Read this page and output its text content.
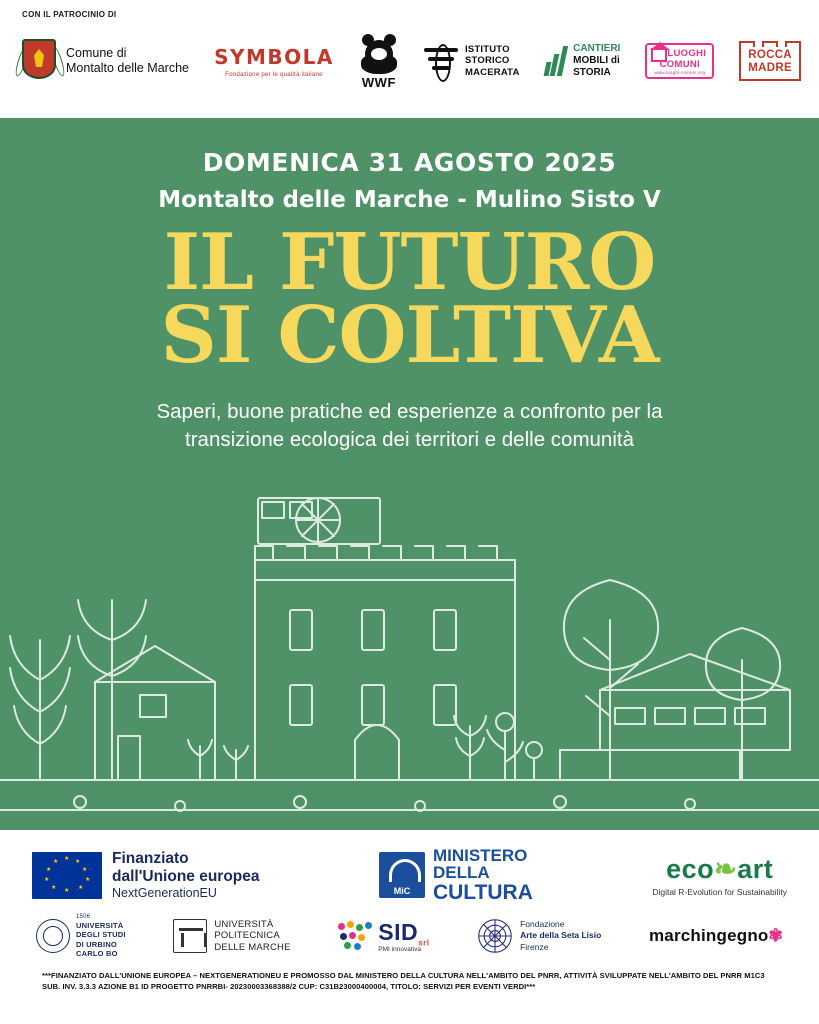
CON IL PATROCINIO DI
Comune di
Montalto delle Marche SYMBOLA
Fondazione per le qualità italiane
WWF
ISTITUTO
STORICO
MACERATA
CANTIERI
MOBILI di
STORIA
LUOGHI
COMUNI
www.luoghi-comuni.org
ROCCA
MADRE
DOMENICA 31 AGOSTO 2025
Montalto delle Marche - Mulino Sisto V
IL FUTURO
SI COLTIVA
Saperi, buone pratiche ed esperienze a confronto per la
transizione ecologica dei territori e delle comunità
★ ★
★
★
★
★
★
★
★
★	Finanziato
dall'Unione europea
NextGenerationEU
MiC
MINISTERO
DELLA
CULTURA
eco❧art
Digital R-Evolution for Sustainability
1506
UNIVERSITÀ
DEGLI STUDI
DI URBINO
CARLO BO
UNIVERSITÀ
POLITECNICA
DELLE MARCHE
$SID_{srl}$
PMI innovativa
Fondazione
Arte della Seta Lisio
Firenze
marchingegno✾
***FINANZIATO DALL'UNIONE EUROPEA – NEXTGENERATIONEU E PROMOSSO DAL MINISTERO DELLA CULTURA NELL'AMBITO DEL PNRR, ATTIVITÀ SVILUPPATE NELL'AMBITO DEL PNRR M1C3 SUB. INV. 3.3.3 AZIONE B1 ID PROGETTO PNRRBI- 20230003368388/2 CUP: C31B23000400004, TITOLO: SERVIZI PER EVENTI VERDI***
